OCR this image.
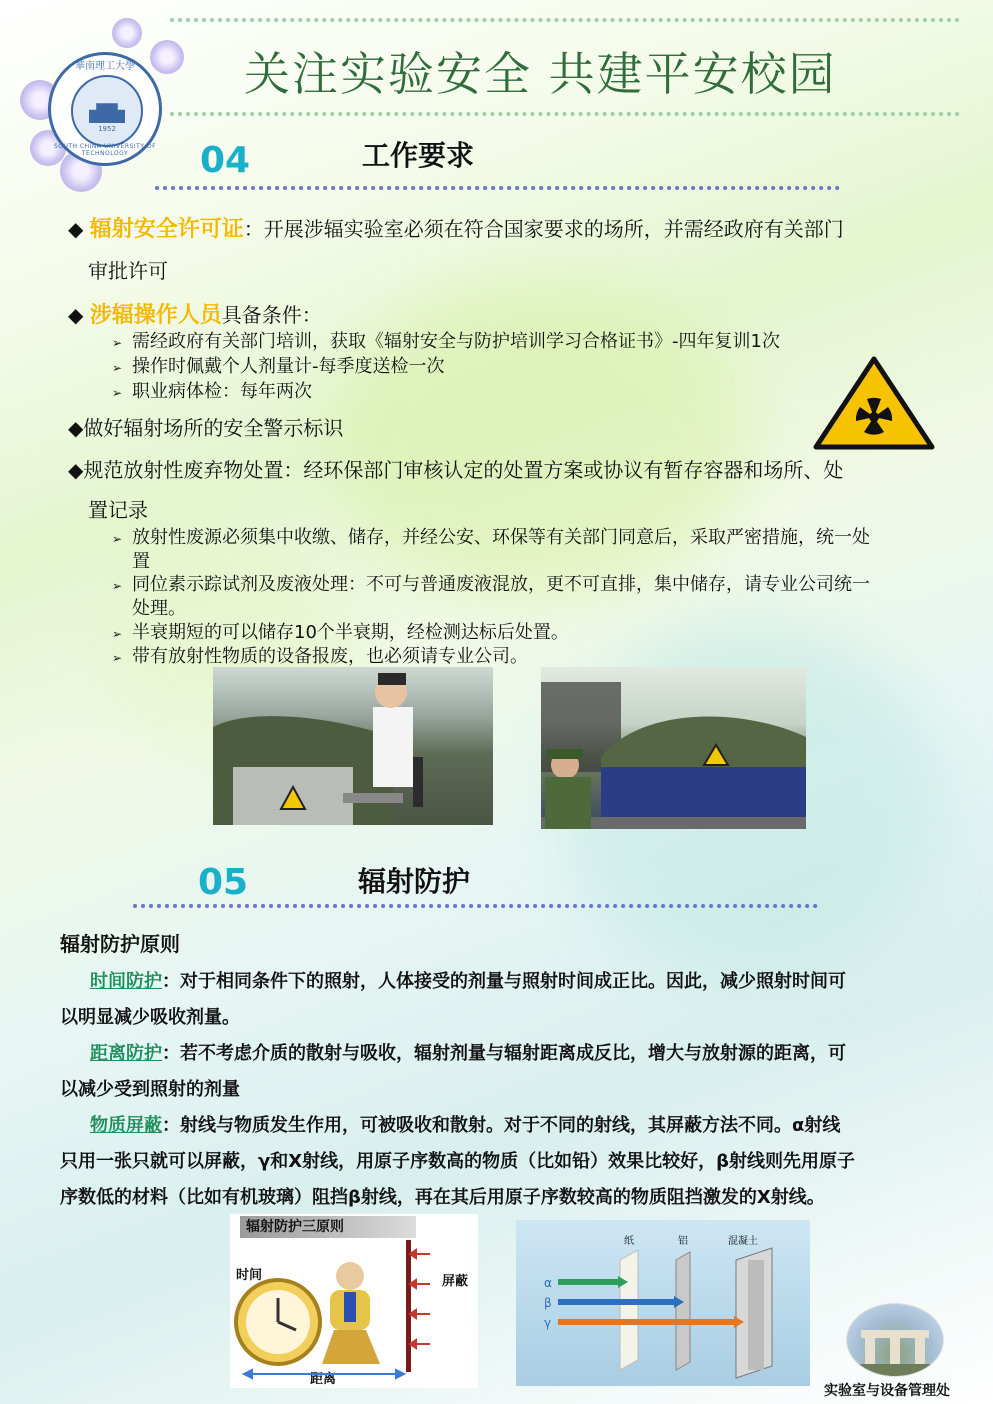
关注实验安全 共建平安校园
華南理工大學
1952
SOUTH CHINA UNIVERSITY OF TECHNOLOGY	04	工作要求
◆ 辐射安全许可证：开展涉辐实验室必须在符合国家要求的场所，并需经政府有关部门
审批许可
◆ 涉辐操作人员具备条件：
➢ 需经政府有关部门培训，获取《辐射安全与防护培训学习合格证书》-四年复训1次
➢ 操作时佩戴个人剂量计-每季度送检一次
➢ 职业病体检：每年两次
◆做好辐射场所的安全警示标识
◆规范放射性废弃物处置：经环保部门审核认定的处置方案或协议有暂存容器和场所、处
置记录
➢ 放射性废源必须集中收缴、储存，并经公安、环保等有关部门同意后，采取严密措施，统一处
置
➢ 同位素示踪试剂及废液处理：不可与普通废液混放，更不可直排，集中储存，请专业公司统一
处理。
➢ 半衰期短的可以储存10个半衰期，经检测达标后处置。
➢ 带有放射性物质的设备报废，也必须请专业公司。
05	辐射防护
辐射防护原则
时间防护：对于相同条件下的照射，人体接受的剂量与照射时间成正比。因此，减少照射时间可
以明显减少吸收剂量。
距离防护：若不考虑介质的散射与吸收，辐射剂量与辐射距离成反比，增大与放射源的距离，可
以减少受到照射的剂量
物质屏蔽：射线与物质发生作用，可被吸收和散射。对于不同的射线，其屏蔽方法不同。α射线
只用一张只就可以屏蔽，γ和X射线，用原子序数高的物质（比如铅）效果比较好，β射线则先用原子
序数低的材料（比如有机玻璃）阻挡β射线，再在其后用原子序数较高的物质阻挡激发的X射线。
辐射防护三原则
时间	屏蔽
距离
纸	铝	混凝土
α
β
γ
实验室与设备管理处
